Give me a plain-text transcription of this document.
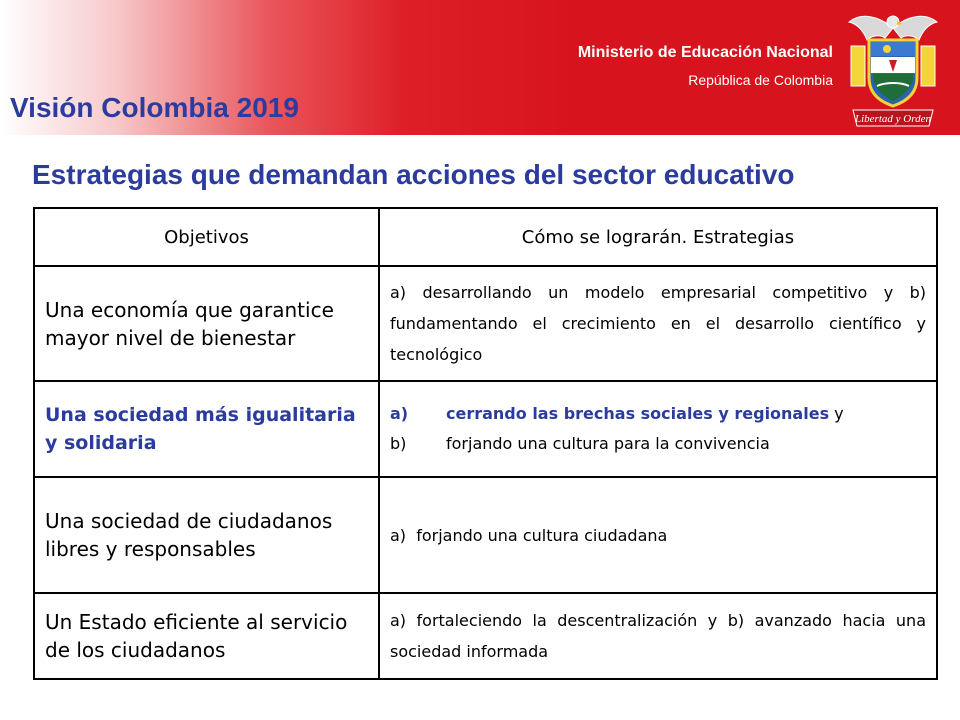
Ministerio de Educación Nacional
República de Colombia
Libertad y Orden
Visión Colombia 2019
Estrategias que demandan acciones del sector educativo
Objetivos	Cómo se lograrán. Estrategias
Una economía que garantice mayor nivel de bienestar	a) desarrollando un modelo empresarial competitivo y b) fundamentando el crecimiento en el desarrollo científico y tecnológico
Una sociedad más igualitaria y solidaria	a) cerrando las brechas sociales y regionales y
b) forjando una cultura para la convivencia

Una sociedad de ciudadanos libres y responsables	a)  forjando una cultura ciudadana
Un Estado eficiente al servicio de los ciudadanos	a) fortaleciendo la descentralización y b) avanzado hacia una sociedad informada
